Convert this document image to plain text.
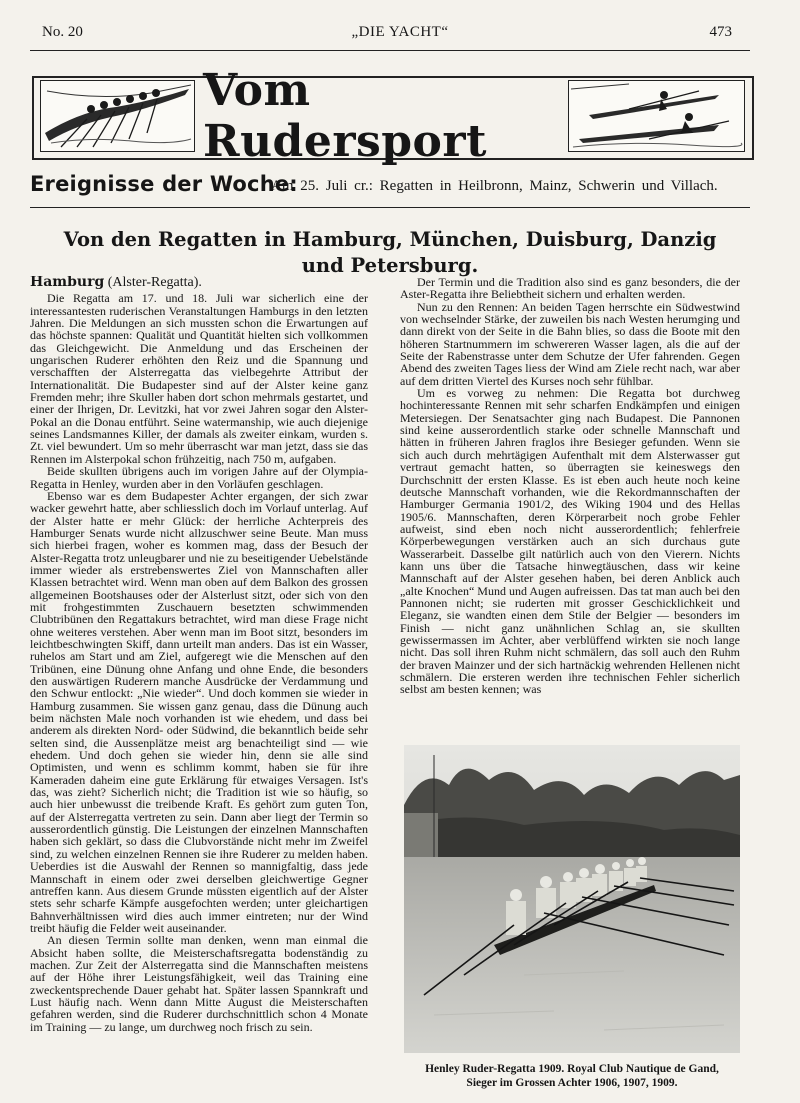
No. 20	„DIE YACHT“	473
Vom Rudersport
Ereignisse der Woche:
Am 25. Juli cr.: Regatten in Heilbronn, Mainz, Schwerin und Villach.
Von den Regatten in Hamburg, München, Duisburg, Danzig
und Petersburg.
Hamburg (Alster-Regatta).

Die Regatta am 17. und 18. Juli war sicherlich eine der interessantesten ruderischen Veranstaltungen Hamburgs in den letzten Jahren. Die Meldungen an sich mussten schon die Erwartungen auf das höchste spannen: Qualität und Quantität hielten sich vollkommen das Gleichgewicht. Die Anmeldung und das Erscheinen der ungarischen Ruderer erhöhten den Reiz und die Spannung und verschafften der Alsterregatta das vielbegehrte Attribut der Internationalität. Die Budapester sind auf der Alster keine ganz Fremden mehr; ihre Skuller haben dort schon mehrmals gestartet, und einer der Ihrigen, Dr. Levitzki, hat vor zwei Jahren sogar den Alster-Pokal an die Donau entführt. Seine watermanship, wie auch diejenige seines Landsmannes Killer, der damals als zweiter einkam, wurden s. Zt. viel bewundert. Um so mehr überrascht war man jetzt, dass sie das Rennen im Alsterpokal schon frühzeitig, nach 750 m, aufgaben.

Beide skullten übrigens auch im vorigen Jahre auf der Olympia-Regatta in Henley, wurden aber in den Vorläufen geschlagen.

Ebenso war es dem Budapester Achter ergangen, der sich zwar wacker gewehrt hatte, aber schliesslich doch im Vorlauf unterlag. Auf der Alster hatte er mehr Glück: der herrliche Achterpreis des Hamburger Senats wurde nicht allzuschwer seine Beute. Man muss sich hierbei fragen, woher es kommen mag, dass der Besuch der Alster-Regatta trotz unleugbarer und nie zu beseitigender Uebelstände immer wieder als erstrebenswertes Ziel von Mannschaften aller Klassen betrachtet wird. Wenn man oben auf dem Balkon des grossen allgemeinen Bootshauses oder der Alsterlust sitzt, oder sich von den mit frohgestimmten Zuschauern besetzten schwimmenden Clubtribünen den Regattakurs betrachtet, wird man diese Frage nicht ohne weiteres verstehen. Aber wenn man im Boot sitzt, besonders im leichtbeschwingten Skiff, dann urteilt man anders. Das ist ein Wasser, ruhelos am Start und am Ziel, aufgeregt wie die Menschen auf den Tribünen, eine Dünung ohne Anfang und ohne Ende, die besonders den auswärtigen Ruderern manche Ausdrücke der Verdammung und den Schwur entlockt: „Nie wieder“. Und doch kommen sie wieder in Hamburg zusammen. Sie wissen ganz genau, dass die Dünung auch beim nächsten Male noch vorhanden ist wie ehedem, und dass bei anderem als direkten Nord- oder Südwind, die bekanntlich beide sehr selten sind, die Aussenplätze meist arg benachteiligt sind — wie ehedem. Und doch gehen sie wieder hin, denn sie alle sind Optimisten, und wenn es schlimm kommt, haben sie für ihre Kameraden daheim eine gute Erklärung für etwaiges Versagen. Ist's das, was zieht? Sicherlich nicht; die Tradition ist wie so häufig, so auch hier unbewusst die treibende Kraft. Es gehört zum guten Ton, auf der Alsterregatta vertreten zu sein. Dann aber liegt der Termin so ausserordentlich günstig. Die Leistungen der einzelnen Mannschaften haben sich geklärt, so dass die Clubvorstände nicht mehr im Zweifel sind, zu welchen einzelnen Rennen sie ihre Ruderer zu melden haben. Ueberdies ist die Auswahl der Rennen so mannigfaltig, dass jede Mannschaft in einem oder zwei derselben gleichwertige Gegner antreffen kann. Aus diesem Grunde müssten eigentlich auf der Alster stets sehr scharfe Kämpfe ausgefochten werden; unter gleichartigen Bahnverhältnissen wird dies auch immer eintreten; nur der Wind treibt häufig die Felder weit auseinander.

An diesen Termin sollte man denken, wenn man einmal die Absicht haben sollte, die Meisterschaftsregatta bodenständig zu machen. Zur Zeit der Alsterregatta sind die Mannschaften meistens auf der Höhe ihrer Leistungsfähigkeit, weil das Training eine zweckentsprechende Dauer gehabt hat. Später lassen Spannkraft und Lust häufig nach. Wenn dann Mitte August die Meisterschaften gefahren werden, sind die Ruderer durchschnittlich schon 4 Monate im Training — zu lange, um durchweg noch frisch zu sein.

Der Termin und die Tradition also sind es ganz besonders, die der Aster-Regatta ihre Beliebtheit sichern und erhalten werden.

Nun zu den Rennen: An beiden Tagen herrschte ein Südwestwind von wechselnder Stärke, der zuweilen bis nach Westen herumging und dann direkt von der Seite in die Bahn blies, so dass die Boote mit den höheren Startnummern im schwereren Wasser lagen, als die auf der Seite der Rabenstrasse unter dem Schutze der Ufer fahrenden. Gegen Abend des zweiten Tages liess der Wind am Ziele recht nach, war aber auf dem dritten Viertel des Kurses noch sehr fühlbar.

Um es vorweg zu nehmen: Die Regatta bot durchweg hochinteressante Rennen mit sehr scharfen Endkämpfen und einigen Metersiegen. Der Senatsachter ging nach Budapest. Die Pannonen sind keine ausserordentlich starke oder schnelle Mannschaft und hätten in früheren Jahren fraglos ihre Besieger gefunden. Wenn sie sich auch durch mehrtägigen Aufenthalt mit dem Alsterwasser gut vertraut gemacht hatten, so überragten sie keineswegs den Durchschnitt der ersten Klasse. Es ist eben auch heute noch keine deutsche Mannschaft vorhanden, wie die Rekordmannschaften der Hamburger Germania 1901/2, des Wiking 1904 und des Hellas 1905/6. Mannschaften, deren Körperarbeit noch grobe Fehler aufweist, sind eben noch nicht ausserordentlich; fehlerfreie Körperbewegungen verstärken auch an sich durchaus gute Wasserarbeit. Dasselbe gilt natürlich auch von den Vierern. Nichts kann uns über die Tatsache hinwegtäuschen, dass wir keine Mannschaft auf der Alster gesehen haben, bei deren Anblick auch „alte Knochen“ Mund und Augen aufreissen. Das tat man auch bei den Pannonen nicht; sie ruderten mit grosser Geschicklichkeit und Eleganz, sie wandten einen dem Stile der Belgier — besonders im Finish — nicht ganz unähnlichen Schlag an, sie skullten gewissermassen im Achter, aber verblüffend wirkten sie noch lange nicht. Das soll ihren Ruhm nicht schmälern, das soll auch den Ruhm der braven Mainzer und der sich hartnäckig wehrenden Hellenen nicht schmälern. Die ersteren werden ihre technischen Fehler sicherlich selbst am besten kennen; was

Henley Ruder-Regatta 1909. Royal Club Nautique de Gand,
Sieger im Grossen Achter 1906, 1907, 1909.
